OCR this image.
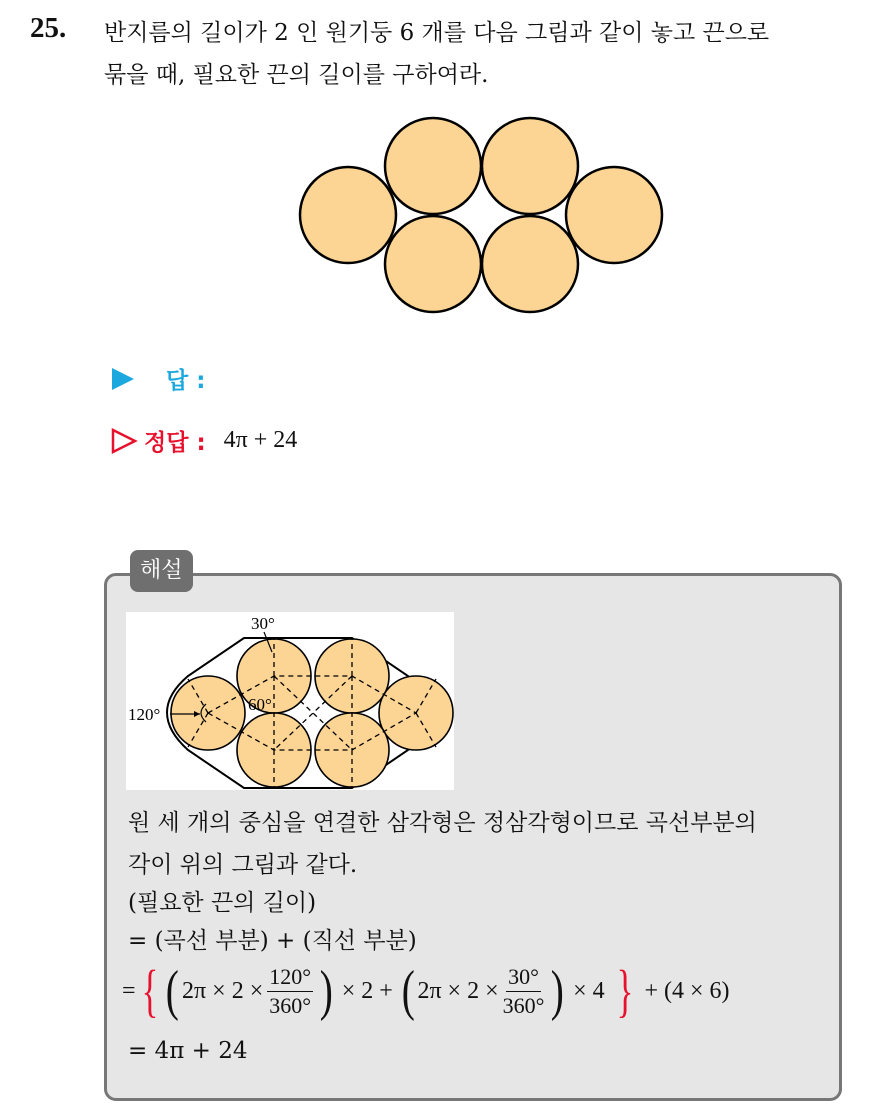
25. 반지름의 길이가 2 인 원기둥 6 개를 다음 그림과 같이 놓고 끈으로
묶을 때, 필요한 끈의 길이를 구하여라.
답 :
정답 : 4π + 24
해설
30°
60°
120°
원 세 개의 중심을 연결한 삼각형은 정삼각형이므로 곡선부분의
각이 위의 그림과 같다.
(필요한 끈의 길이)
= (곡선 부분) + (직선 부분)
= { ( $2\pi \times 2 \times \frac{120^\circ}{360^\circ}$ ) × 2 + ( $2\pi \times 2 \times \frac{30^\circ}{360^\circ}$ ) × 4 } + (4 × 6)
= 4π + 24
